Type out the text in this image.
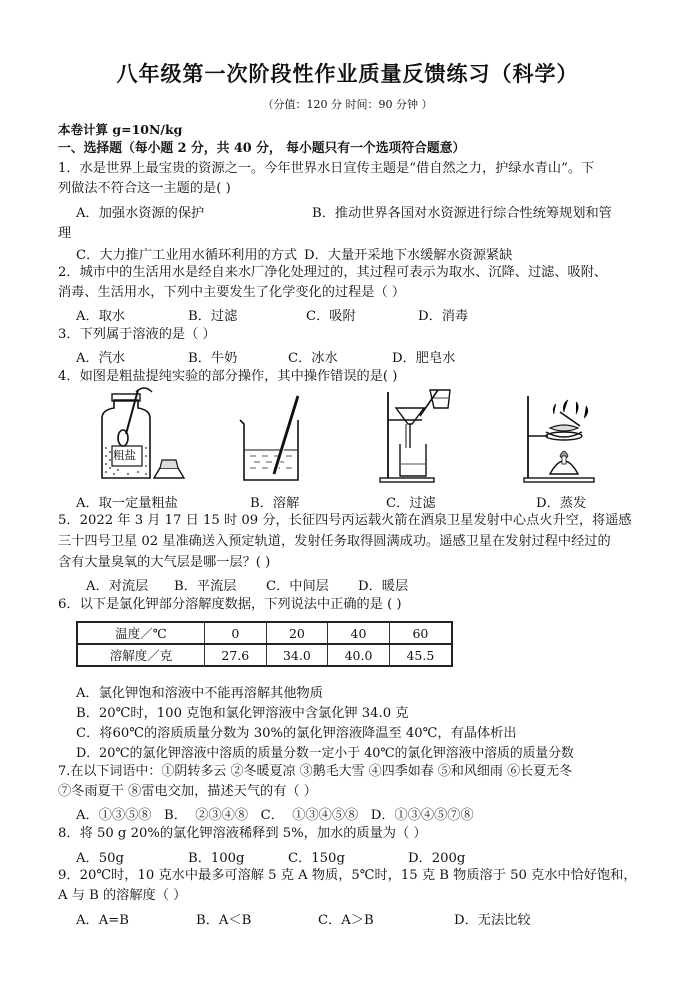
八年级第一次阶段性作业质量反馈练习（科学）
（分值：120 分 时间：90 分钟 ）
本卷计算 g=10N/kg
一、选择题（每小题 2 分，共 40 分， 每小题只有一个选项符合题意）
1．水是世界上最宝贵的资源之一。今年世界水日宣传主题是“借自然之力，护绿水青山”。下
列做法不符合这一主题的是( )
A．加强水资源的保护	B．推动世界各国对水资源进行综合性统筹规划和管
理
C．大力推广工业用水循环利用的方式 D．大量开采地下水缓解水资源紧缺
2．城市中的生活用水是经自来水厂净化处理过的，其过程可表示为取水、沉降、过滤、吸附、
消毒、生活用水，下列中主要发生了化学变化的过程是（ ）
A．取水	B．过滤	C．吸附	D．消毒
3．下列属于溶液的是（ ）
A．汽水	B．牛奶	C．冰水	D．肥皂水
4．如图是粗盐提纯实验的部分操作，其中操作错误的是( )
粗盐
A．取一定量粗盐	B．溶解	C．过滤	D．蒸发
5．2022 年 3 月 17 日 15 时 09 分，长征四号丙运载火箭在酒泉卫星发射中心点火升空，将遥感
三十四号卫星 02 星准确送入预定轨道，发射任务取得圆满成功。遥感卫星在发射过程中经过的
含有大量臭氧的大气层是哪一层？( )
A．对流层 B．平流层 C．中间层 D．暖层
6．以下是氯化钾部分溶解度数据，下列说法中正确的是 ( )
温度／℃	0	20	40	60
溶解度／克	27.6	34.0	40.0	45.5
A．氯化钾饱和溶液中不能再溶解其他物质
B．20℃时，100 克饱和氯化钾溶液中含氯化钾 34.0 克
C．将60℃的溶质质量分数为 30%的氯化钾溶液降温至 40℃，有晶体析出
D．20℃的氯化钾溶液中溶质的质量分数一定小于 40℃的氯化钾溶液中溶质的质量分数
7.在以下词语中：①阴转多云 ②冬暖夏凉 ③鹅毛大雪 ④四季如春 ⑤和风细雨 ⑥长夏无冬
⑦冬雨夏干 ⑧雷电交加，描述天气的有（ ）
A．①③⑤⑧   B．  ②③④⑧   C．  ①③④⑤⑧   D．①③④⑤⑦⑧
8．将 50 g 20%的氯化钾溶液稀释到 5%，加水的质量为（ ）
A．50g	B．100g	C．150g	D．200g
9．20℃时，10 克水中最多可溶解 5 克 A 物质，5℃时，15 克 B 物质溶于 50 克水中恰好饱和，
A 与 B 的溶解度（ ）
A．A=B	B．A＜B	C．A＞B	D．无法比较
